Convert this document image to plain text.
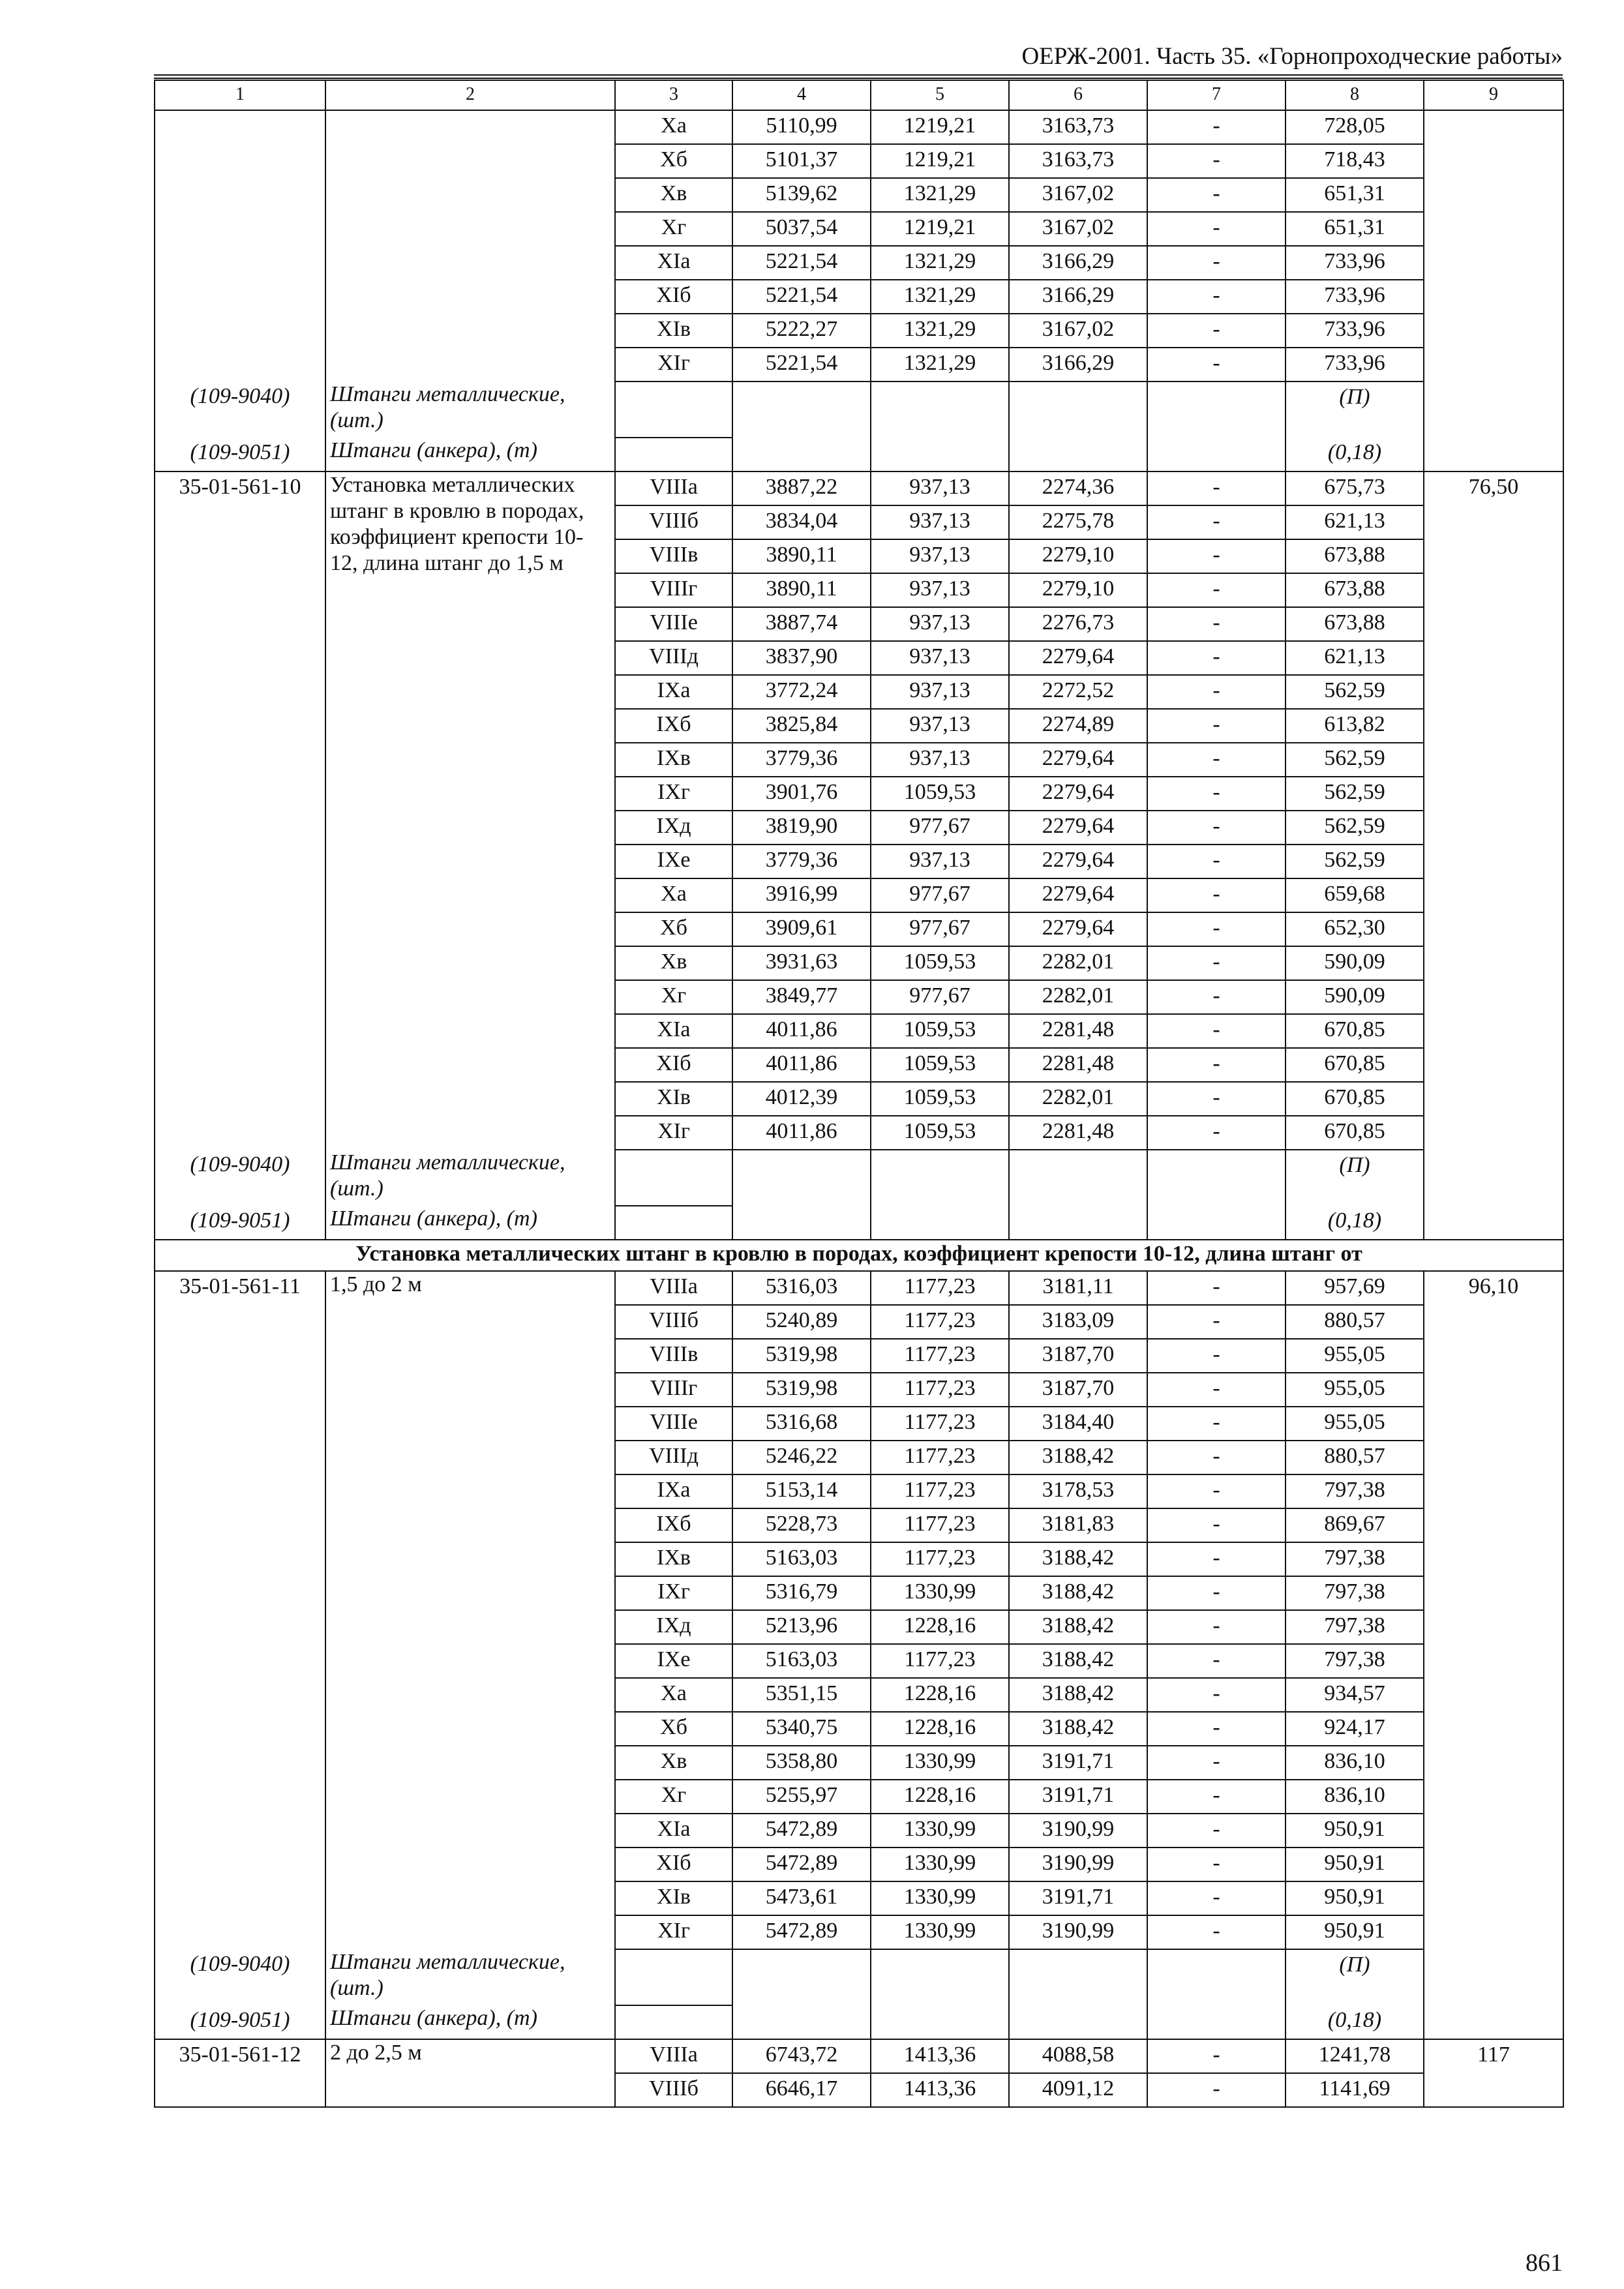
ОЕРЖ-2001. Часть 35. «Горнопроходческие работы»
1	2	3	4	5	6	7	8	9
		Xа	5110,99	1219,21	3163,73	-	728,05	
		Xб	5101,37	1219,21	3163,73	-	718,43	
		Xв	5139,62	1321,29	3167,02	-	651,31	
		Xг	5037,54	1219,21	3167,02	-	651,31	
		XIа	5221,54	1321,29	3166,29	-	733,96	
		XIб	5221,54	1321,29	3166,29	-	733,96	
		XIв	5222,27	1321,29	3167,02	-	733,96	
		XIг	5221,54	1321,29	3166,29	-	733,96	
(109-9040)	Штанги металлические, (шт.)						(П)	
(109-9051)	Штанги (анкера), (т)						(0,18)	
35-01-561-10	Установка металлических штанг в кровлю в породах, коэффициент крепости 10-12, длина штанг до 1,5 м	VIIIа	3887,22	937,13	2274,36	-	675,73	76,50
		VIIIб	3834,04	937,13	2275,78	-	621,13	
		VIIIв	3890,11	937,13	2279,10	-	673,88	
		VIIIг	3890,11	937,13	2279,10	-	673,88	
		VIIIе	3887,74	937,13	2276,73	-	673,88	
		VIIIд	3837,90	937,13	2279,64	-	621,13	
		IXа	3772,24	937,13	2272,52	-	562,59	
		IXб	3825,84	937,13	2274,89	-	613,82	
		IXв	3779,36	937,13	2279,64	-	562,59	
		IXг	3901,76	1059,53	2279,64	-	562,59	
		IXд	3819,90	977,67	2279,64	-	562,59	
		IXе	3779,36	937,13	2279,64	-	562,59	
		Xа	3916,99	977,67	2279,64	-	659,68	
		Xб	3909,61	977,67	2279,64	-	652,30	
		Xв	3931,63	1059,53	2282,01	-	590,09	
		Xг	3849,77	977,67	2282,01	-	590,09	
		XIа	4011,86	1059,53	2281,48	-	670,85	
		XIб	4011,86	1059,53	2281,48	-	670,85	
		XIв	4012,39	1059,53	2282,01	-	670,85	
		XIг	4011,86	1059,53	2281,48	-	670,85	
(109-9040)	Штанги металлические, (шт.)						(П)	
(109-9051)	Штанги (анкера), (т)						(0,18)	
Установка металлических штанг в кровлю в породах, коэффициент крепости 10-12, длина штанг от								
35-01-561-11	1,5 до 2 м	VIIIа	5316,03	1177,23	3181,11	-	957,69	96,10
		VIIIб	5240,89	1177,23	3183,09	-	880,57	
		VIIIв	5319,98	1177,23	3187,70	-	955,05	
		VIIIг	5319,98	1177,23	3187,70	-	955,05	
		VIIIе	5316,68	1177,23	3184,40	-	955,05	
		VIIIд	5246,22	1177,23	3188,42	-	880,57	
		IXа	5153,14	1177,23	3178,53	-	797,38	
		IXб	5228,73	1177,23	3181,83	-	869,67	
		IXв	5163,03	1177,23	3188,42	-	797,38	
		IXг	5316,79	1330,99	3188,42	-	797,38	
		IXд	5213,96	1228,16	3188,42	-	797,38	
		IXе	5163,03	1177,23	3188,42	-	797,38	
		Xа	5351,15	1228,16	3188,42	-	934,57	
		Xб	5340,75	1228,16	3188,42	-	924,17	
		Xв	5358,80	1330,99	3191,71	-	836,10	
		Xг	5255,97	1228,16	3191,71	-	836,10	
		XIа	5472,89	1330,99	3190,99	-	950,91	
		XIб	5472,89	1330,99	3190,99	-	950,91	
		XIв	5473,61	1330,99	3191,71	-	950,91	
		XIг	5472,89	1330,99	3190,99	-	950,91	
(109-9040)	Штанги металлические, (шт.)						(П)	
(109-9051)	Штанги (анкера), (т)						(0,18)	
35-01-561-12	2 до 2,5 м	VIIIа	6743,72	1413,36	4088,58	-	1241,78	117
		VIIIб	6646,17	1413,36	4091,12	-	1141,69	
861
